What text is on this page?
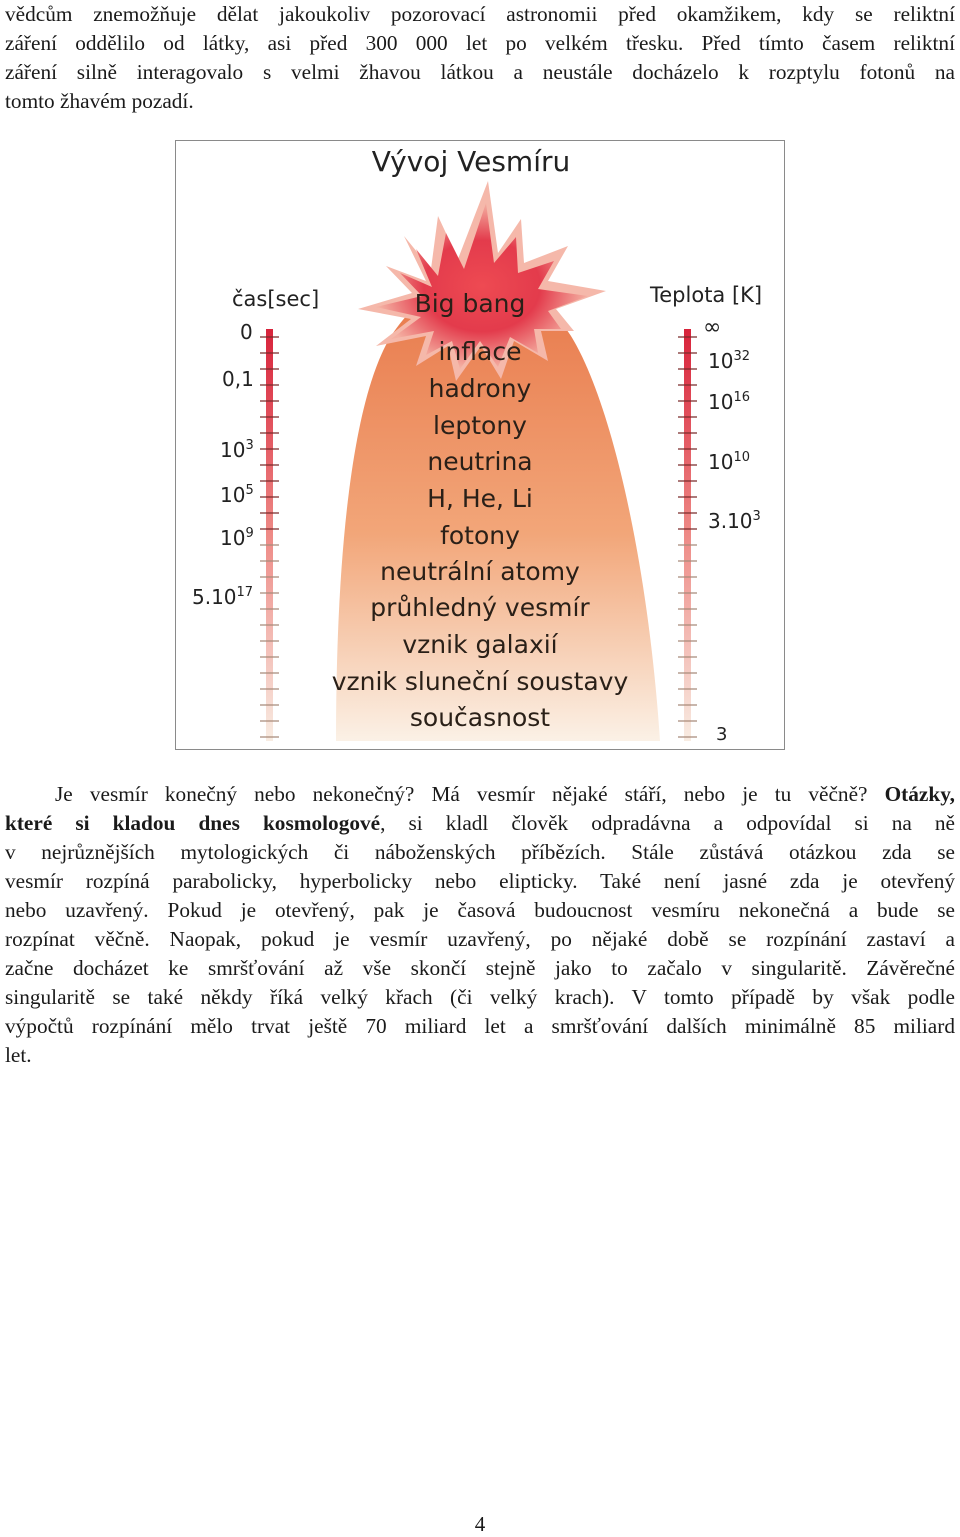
vědcům znemožňuje dělat jakoukoliv pozorovací astronomii před okamžikem, kdy se reliktní
záření oddělilo od látky, asi před 300 000 let po velkém třesku. Před tímto časem reliktní
záření silně interagovalo s velmi žhavou látkou a neustále docházelo k rozptylu fotonů na
tomto žhavém pozadí.
Vývoj Vesmíru
čas[sec]	Teplota [K]
0
0,1
$10^3$
$10^5$
$10^9$
5.10$^{17}$
∞
$10^{32}$
$10^{16}$
$10^{10}$
3.10$^3$
3
Big bang
inflace
hadrony
leptony
neutrina
H, He, Li
fotony
neutrální atomy
průhledný vesmír
vznik galaxií
vznik sluneční soustavy
současnost
Je vesmír konečný nebo nekonečný? Má vesmír nějaké stáří, nebo je tu věčně? Otázky,
které si kladou dnes kosmologové, si kladl člověk odpradávna a odpovídal si na ně
v nejrůznějších mytologických či náboženských příbězích. Stále zůstává otázkou zda se
vesmír rozpíná parabolicky, hyperbolicky nebo elipticky. Také není jasné zda je otevřený
nebo uzavřený. Pokud je otevřený, pak je časová budoucnost vesmíru nekonečná a bude se
rozpínat věčně. Naopak, pokud je vesmír uzavřený, po nějaké době se rozpínání zastaví a
začne docházet ke smršťování až vše skončí stejně jako to začalo v singularitě. Závěrečné
singularitě se také někdy říká velký křach (či velký krach). V tomto případě by však podle
výpočtů rozpínání mělo trvat ještě 70 miliard let a smršťování dalších minimálně 85 miliard
let.
4
